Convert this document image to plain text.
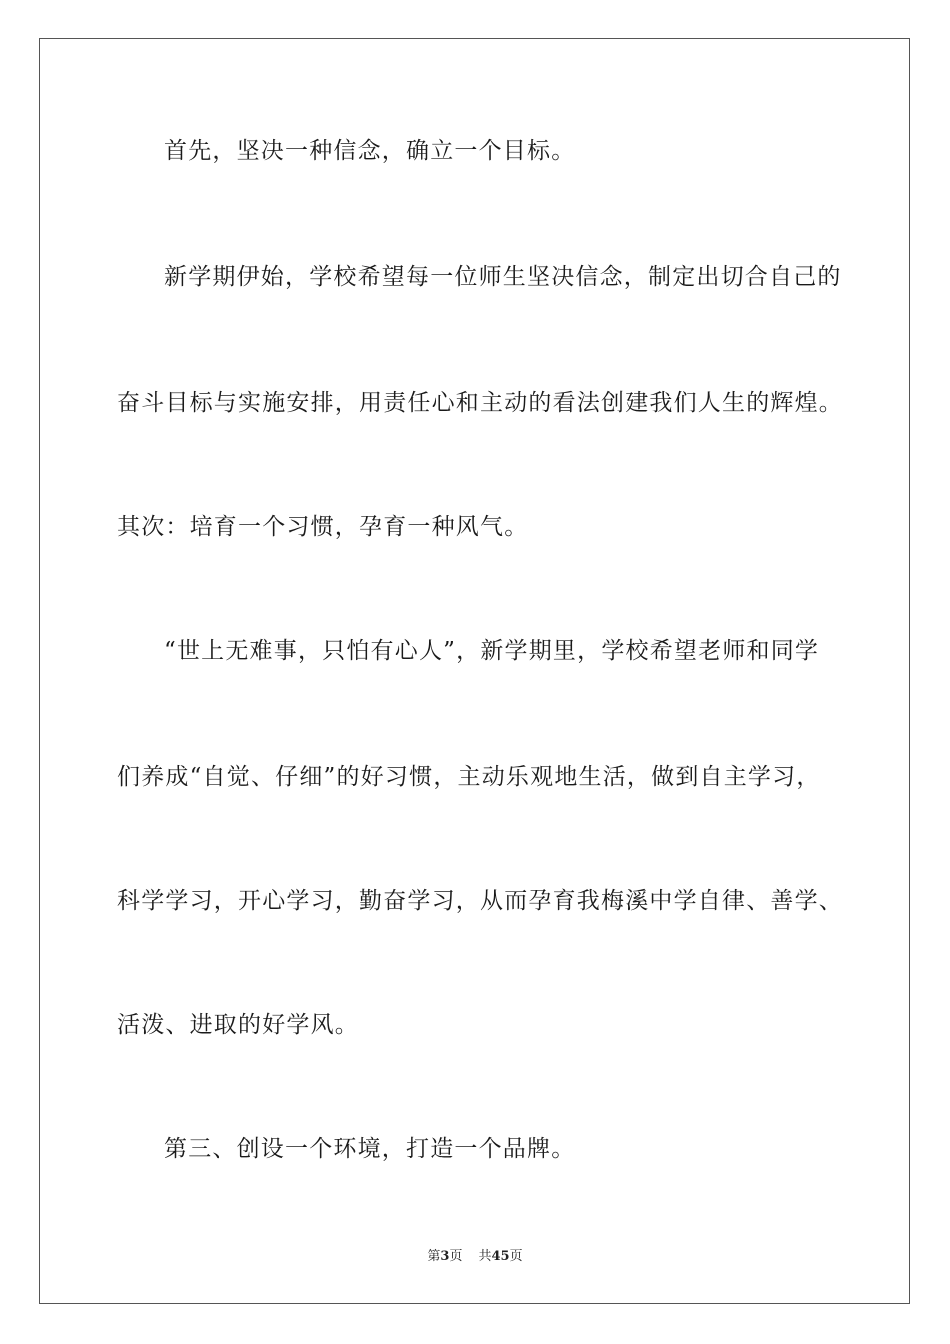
首先，坚决一种信念，确立一个目标。
新学期伊始，学校希望每一位师生坚决信念，制定出切合自己的
奋斗目标与实施安排，用责任心和主动的看法创建我们人生的辉煌。
其次：培育一个习惯，孕育一种风气。
“世上无难事，只怕有心人”，新学期里，学校希望老师和同学
们养成“自觉、仔细”的好习惯，主动乐观地生活，做到自主学习，
科学学习，开心学习，勤奋学习，从而孕育我梅溪中学自律、善学、
活泼、进取的好学风。
第三、创设一个环境，打造一个品牌。
第3页 共45页
